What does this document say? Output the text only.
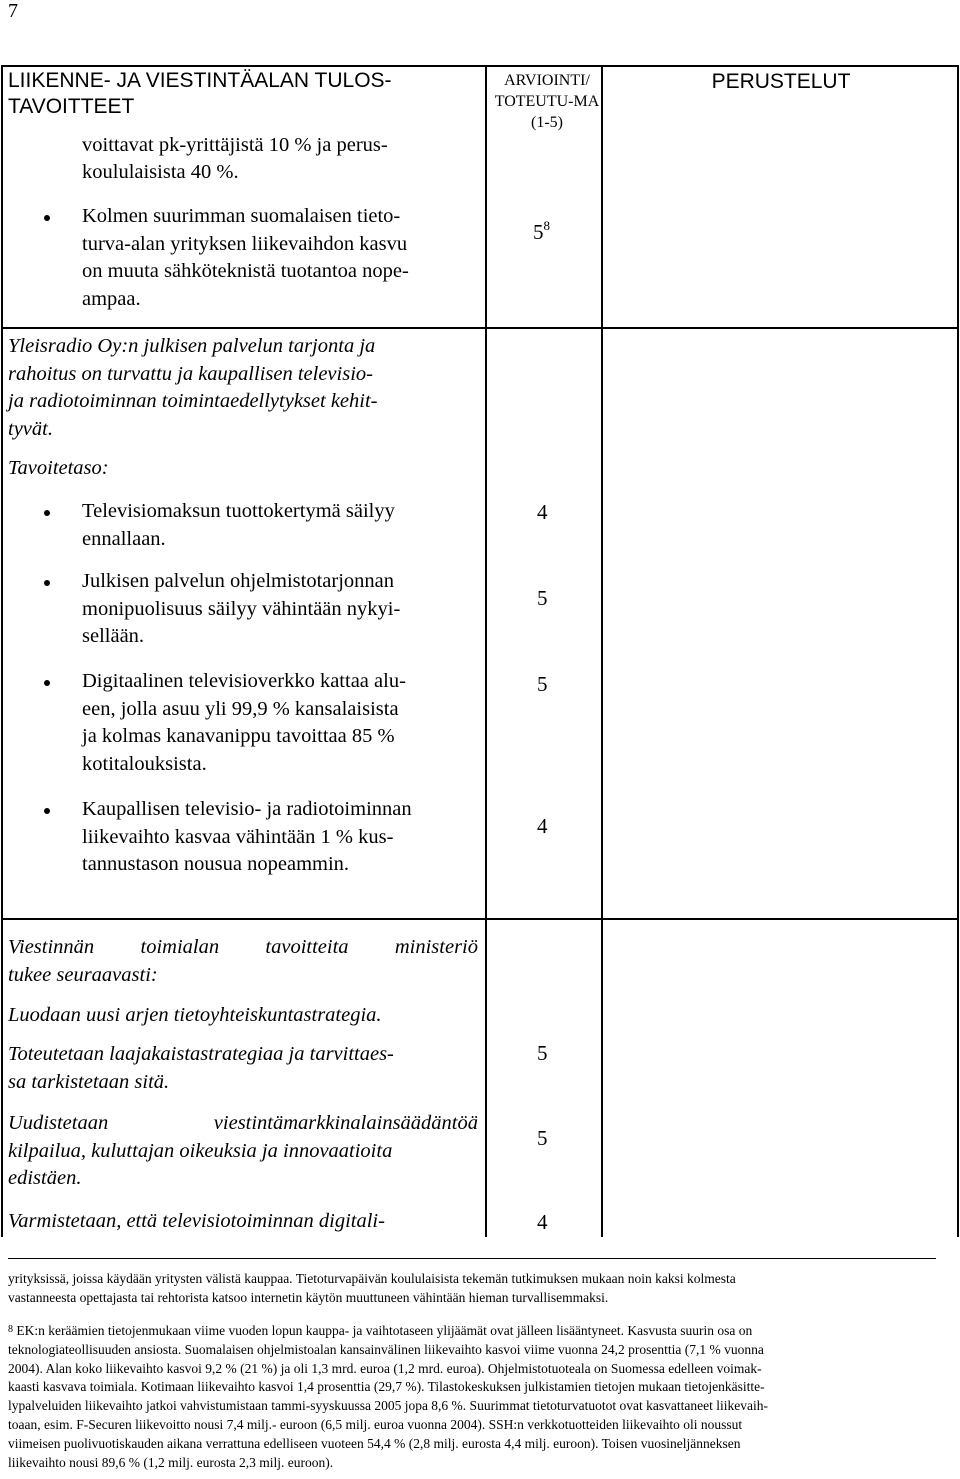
7
LIIKENNE- JA VIESTINTÄALAN TULOS-TAVOITTEET
ARVIOINTI/ TOTEUTU-MA (1-5)
PERUSTELUT
voittavat pk-yrittäjistä 10 % ja perus-
koululaisista 40 %.
Kolmen suurimman suomalaisen tieto-
turva-alan yrityksen liikevaihdon kasvu
on muuta sähköteknistä tuotantoa nope-
ampaa.
$5^8$
Yleisradio Oy:n julkisen palvelun tarjonta ja
rahoitus on turvattu ja kaupallisen televisio-
ja radiotoiminnan toimintaedellytykset kehit-
tyvät.
Tavoitetaso:
Televisiomaksun tuottokertymä säilyy
ennallaan.
4
Julkisen palvelun ohjelmistotarjonnan
monipuolisuus säilyy vähintään nykyi-
sellään.
5
Digitaalinen televisioverkko kattaa alu-
een, jolla asuu yli 99,9 % kansalaisista
ja kolmas kanavanippu tavoittaa 85 %
kotitalouksista.
5
Kaupallisen televisio- ja radiotoiminnan
liikevaihto kasvaa vähintään 1 % kus-
tannustason nousua nopeammin.
4
Viestinnän toimialan tavoitteita ministeriö
tukee seuraavasti:
Luodaan uusi arjen tietoyhteiskuntastrategia.
Toteutetaan laajakaistastrategiaa ja tarvittaes-
sa tarkistetaan sitä.
5
Uudistetaan viestintämarkkinalainsäädäntöä
kilpailua, kuluttajan oikeuksia ja innovaatioita
edistäen.
5
Varmistetaan, että televisiotoiminnan digitali-	4
yrityksissä, joissa käydään yritysten välistä kauppaa. Tietoturvapäivän koululaisista tekemän tutkimuksen mukaan noin kaksi kolmesta
vastanneesta opettajasta tai rehtorista katsoo internetin käytön muuttuneen vähintään hieman turvallisemmaksi.
$^8$ EK:n keräämien tietojenmukaan viime vuoden lopun kauppa- ja vaihtotaseen ylijäämät ovat jälleen lisääntyneet. Kasvusta suurin osa on
teknologiateollisuuden ansiosta. Suomalaisen ohjelmistoalan kansainvälinen liikevaihto kasvoi viime vuonna 24,2 prosenttia (7,1 % vuonna
2004). Alan koko liikevaihto kasvoi 9,2 % (21 %) ja oli 1,3 mrd. euroa (1,2 mrd. euroa). Ohjelmistotuoteala on Suomessa edelleen voimak-
kaasti kasvava toimiala. Kotimaan liikevaihto kasvoi 1,4 prosenttia (29,7 %). Tilastokeskuksen julkistamien tietojen mukaan tietojenkäsitte-
lypalveluiden liikevaihto jatkoi vahvistumistaan tammi-syyskuussa 2005 jopa 8,6 %. Suurimmat tietoturvatuotot ovat kasvattaneet liikevaih-
toaan, esim. F-Securen liikevoitto nousi 7,4 milj.- euroon (6,5 milj. euroa vuonna 2004). SSH:n verkkotuotteiden liikevaihto oli noussut
viimeisen puolivuotiskauden aikana verrattuna edelliseen vuoteen 54,4 % (2,8 milj. eurosta 4,4 milj. euroon). Toisen vuosineljänneksen
liikevaihto nousi 89,6 % (1,2 milj. eurosta 2,3 milj. euroon).
